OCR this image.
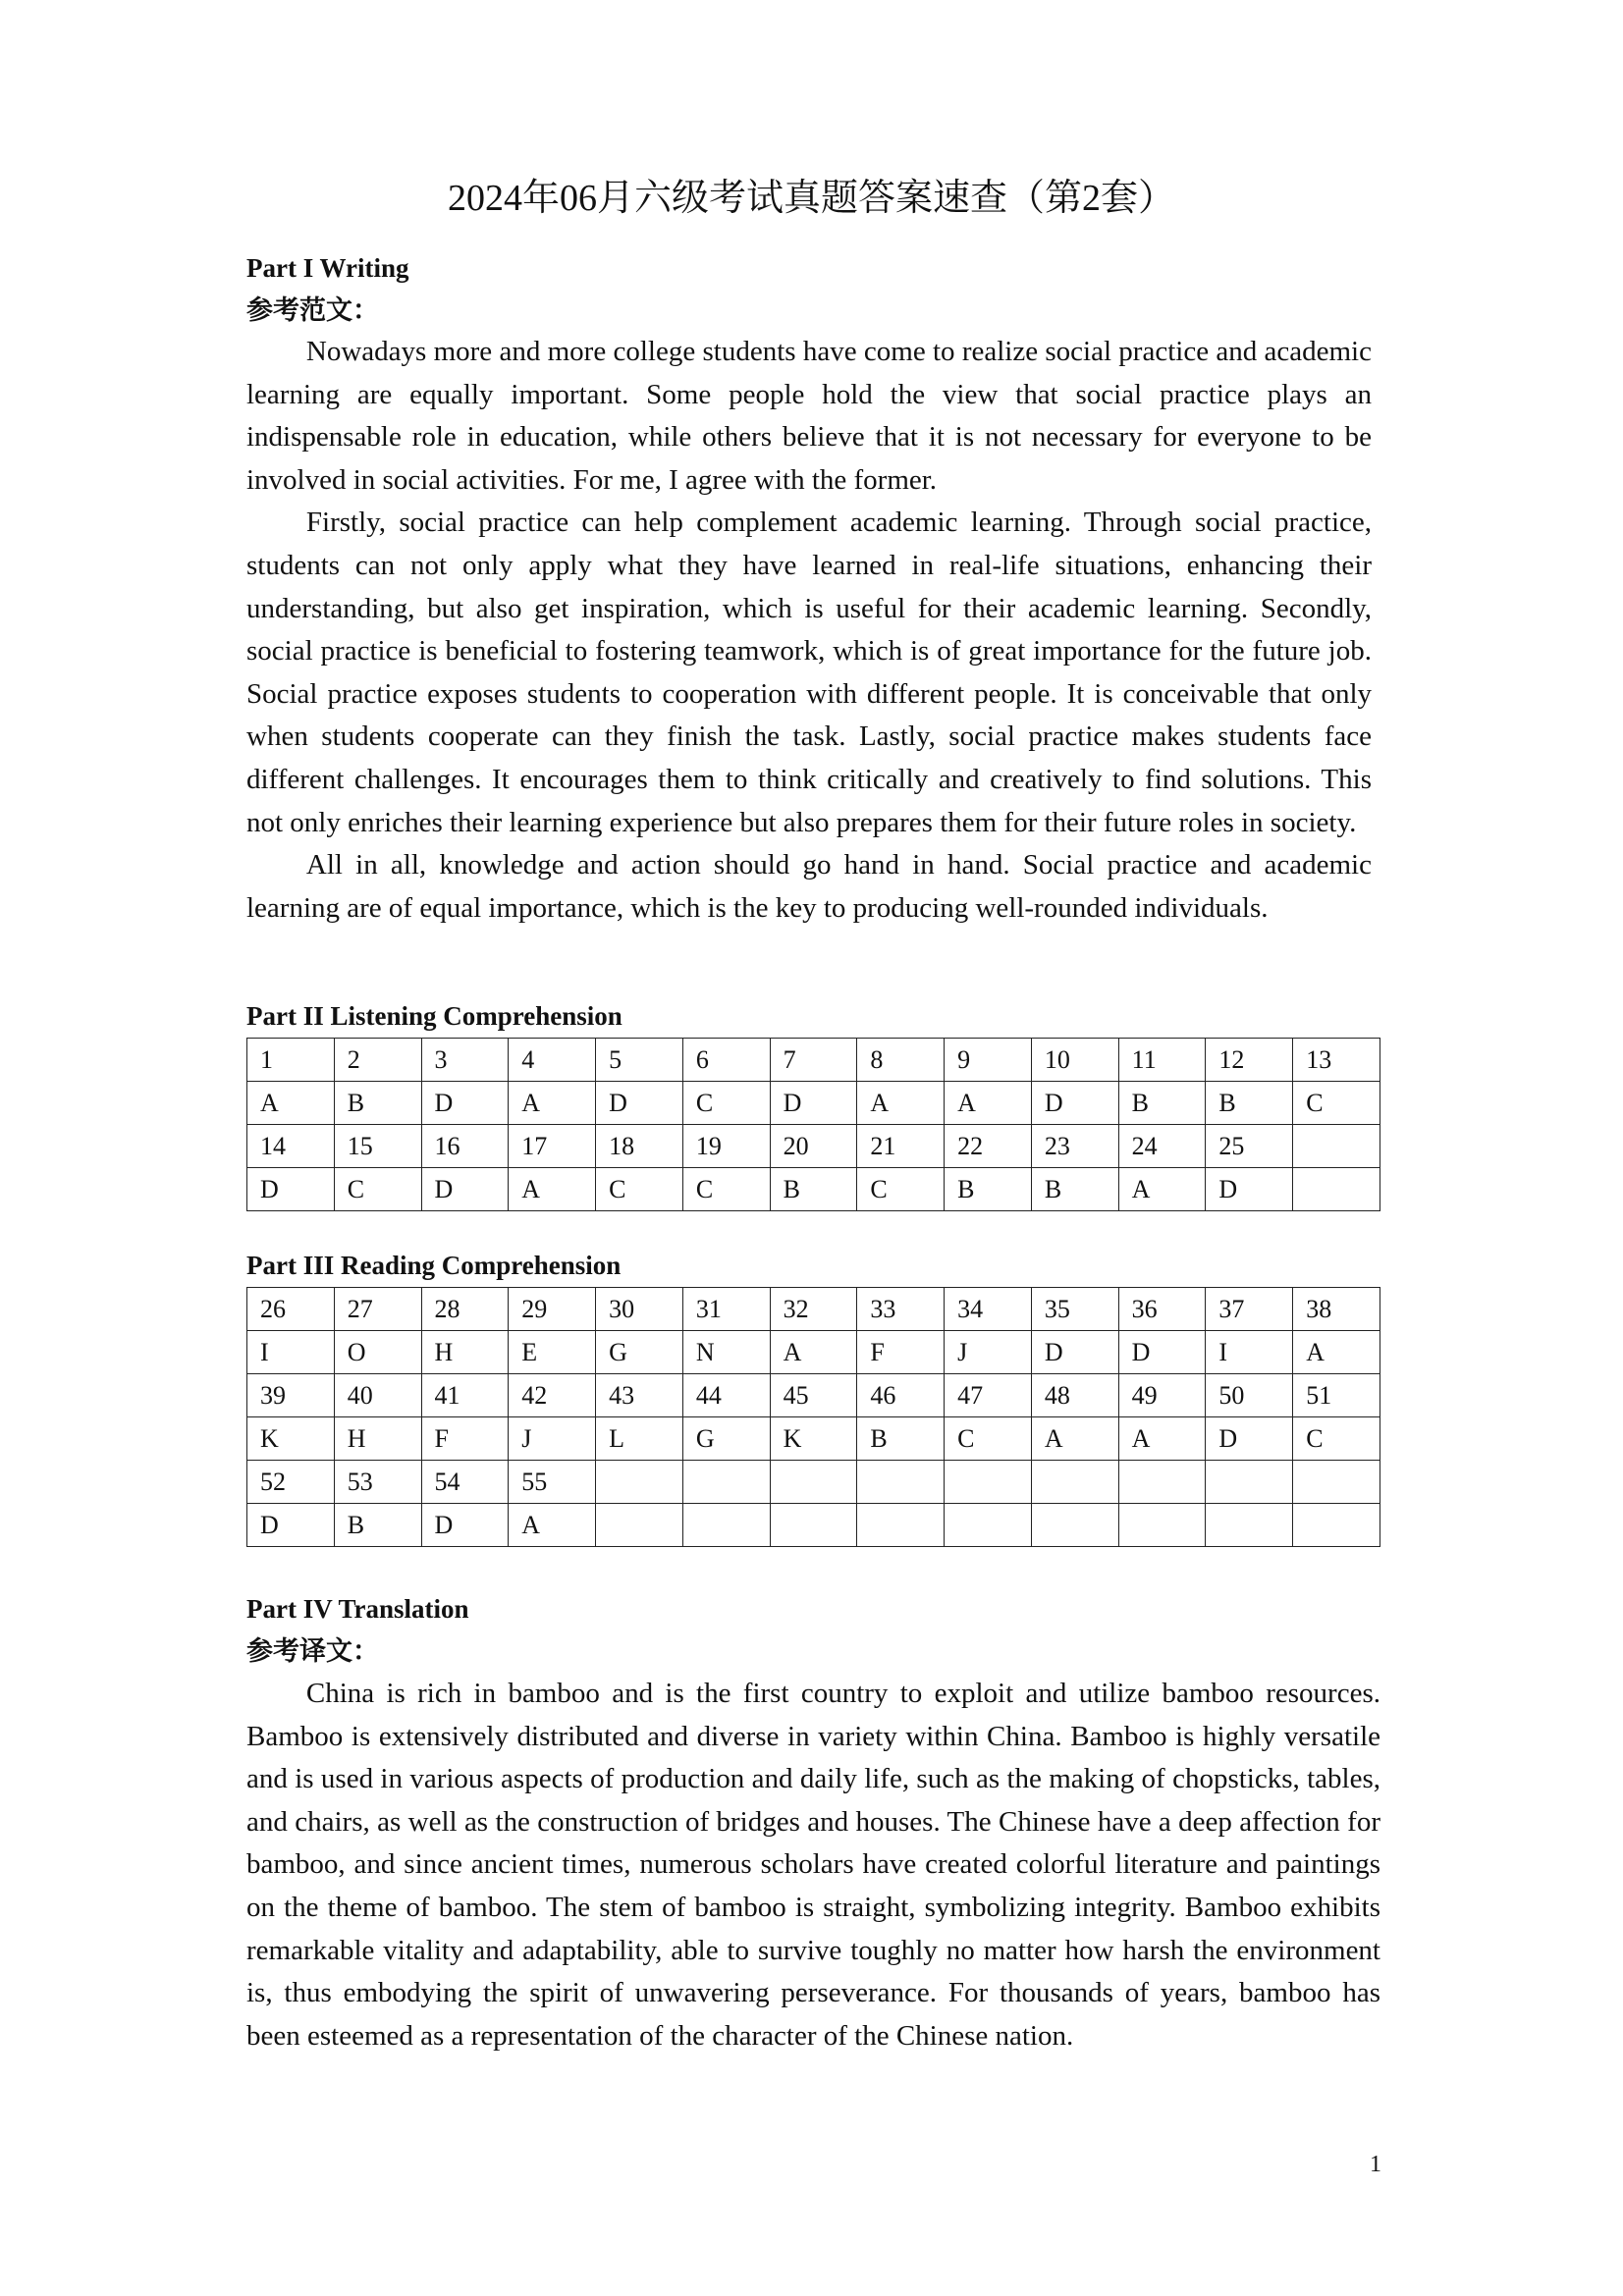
2024年06月六级考试真题答案速查（第2套）
Part I Writing
参考范文：

Nowadays more and more college students have come to realize social practice and academic learning are equally important. Some people hold the view that social practice plays an indispensable role in education, while others believe that it is not necessary for everyone to be involved in social activities. For me, I agree with the former.

Firstly, social practice can help complement academic learning. Through social practice, students can not only apply what they have learned in real-life situations, enhancing their understanding, but also get inspiration, which is useful for their academic learning. Secondly, social practice is beneficial to fostering teamwork, which is of great importance for the future job. Social practice exposes students to cooperation with different people. It is conceivable that only when students cooperate can they finish the task. Lastly, social practice makes students face different challenges. It encourages them to think critically and creatively to find solutions. This not only enriches their learning experience but also prepares them for their future roles in society.

All in all, knowledge and action should go hand in hand. Social practice and academic learning are of equal importance, which is the key to producing well-rounded individuals.

Part II Listening Comprehension
1	2	3	4	5	6	7	8	9	10	11	12	13
A	B	D	A	D	C	D	A	A	D	B	B	C
14	15	16	17	18	19	20	21	22	23	24	25	
D	C	D	A	C	C	B	C	B	B	A	D	
Part III Reading Comprehension
26	27	28	29	30	31	32	33	34	35	36	37	38
I	O	H	E	G	N	A	F	J	D	D	I	A
39	40	41	42	43	44	45	46	47	48	49	50	51
K	H	F	J	L	G	K	B	C	A	A	D	C
52	53	54	55									
D	B	D	A									
Part IV Translation
参考译文：

China is rich in bamboo and is the first country to exploit and utilize bamboo resources. Bamboo is extensively distributed and diverse in variety within China. Bamboo is highly versatile and is used in various aspects of production and daily life, such as the making of chopsticks, tables, and chairs, as well as the construction of bridges and houses. The Chinese have a deep affection for bamboo, and since ancient times, numerous scholars have created colorful literature and paintings on the theme of bamboo. The stem of bamboo is straight, symbolizing integrity. Bamboo exhibits remarkable vitality and adaptability, able to survive toughly no matter how harsh the environment is, thus embodying the spirit of unwavering perseverance. For thousands of years, bamboo has been esteemed as a representation of the character of the Chinese nation.

1
